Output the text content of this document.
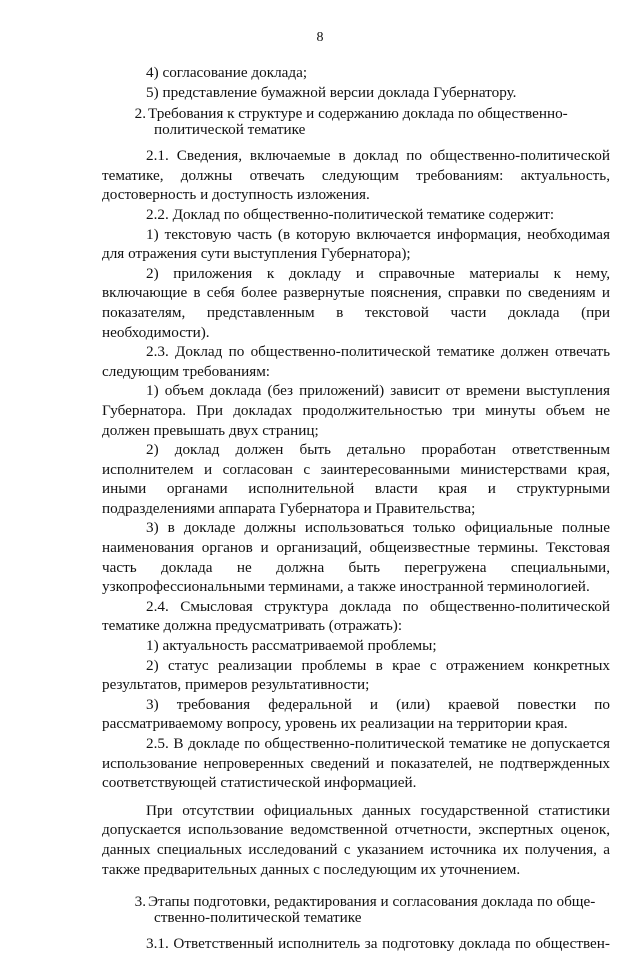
8

4) согласование доклада;

5) представление бумажной версии доклада Губернатору.

2. Требования к структуре и содержанию доклада по общественно-
политической тематике

2.1. Сведения, включаемые в доклад по общественно-политической тематике, должны отвечать следующим требованиям: актуальность, достоверность и доступность изложения.

2.2. Доклад по общественно-политической тематике содержит:

1) текстовую часть (в которую включается информация, необходимая для отражения сути выступления Губернатора);

2) приложения к докладу и справочные материалы к нему, включающие в себя более развернутые пояснения, справки по сведениям и показателям, представленным в текстовой части доклада (при необходимости).

2.3. Доклад по общественно-политической тематике должен отвечать следующим требованиям:

1) объем доклада (без приложений) зависит от времени выступления Губернатора. При докладах продолжительностью три минуты объем не должен превышать двух страниц;

2) доклад должен быть детально проработан ответственным исполнителем и согласован с заинтересованными министерствами края, иными органами исполнительной власти края и структурными подразделениями аппарата Губернатора и Правительства;

3) в докладе должны использоваться только официальные полные наименования органов и организаций, общеизвестные термины. Текстовая часть доклада не должна быть перегружена специальными, узкопрофессиональными терминами, а также иностранной терминологией.

2.4. Смысловая структура доклада по общественно-политической тематике должна предусматривать (отражать):

1) актуальность рассматриваемой проблемы;

2) статус реализации проблемы в крае с отражением конкретных результатов, примеров результативности;

3) требования федеральной и (или) краевой повестки по рассматриваемому вопросу, уровень их реализации на территории края.

2.5. В докладе по общественно-политической тематике не допускается использование непроверенных сведений и показателей, не подтвержденных соответствующей статистической информацией.

При отсутствии официальных данных государственной статистики допускается использование ведомственной отчетности, экспертных оценок, данных специальных исследований с указанием источника их получения, а также предварительных данных с последующим их уточнением.

3. Этапы подготовки, редактирования и согласования доклада по обще-
ственно-политической тематике

3.1. Ответственный исполнитель за подготовку доклада по обществен-
